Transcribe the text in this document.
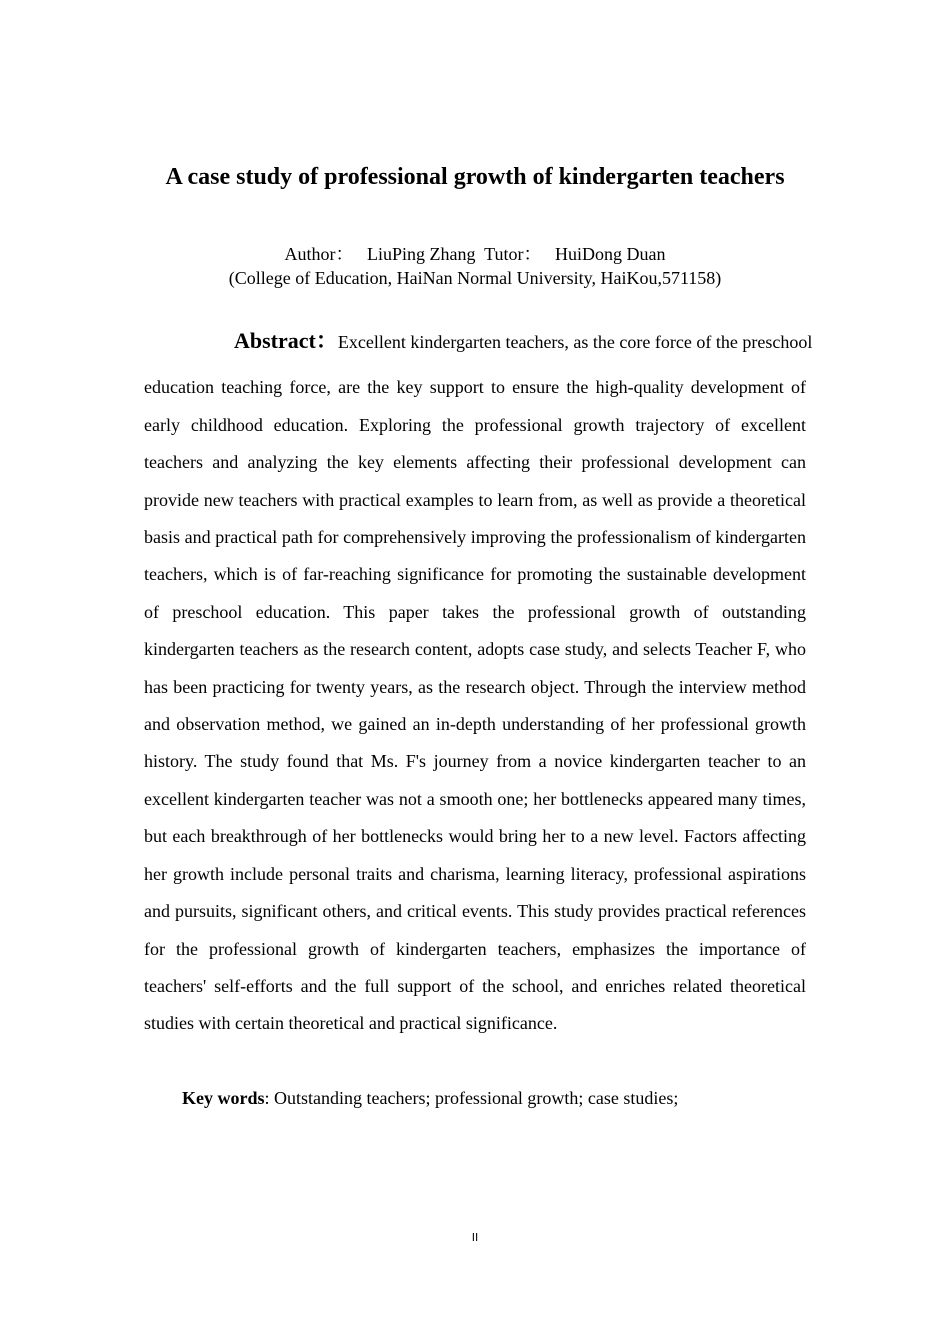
A case study of professional growth of kindergarten teachers
Author： LiuPing Zhang Tutor： HuiDong Duan
(College of Education, HaiNan Normal University, HaiKou,571158)

Abstract：Excellent kindergarten teachers, as the core force of the preschool education teaching force, are the key support to ensure the high-quality development of early childhood education. Exploring the professional growth trajectory of excellent teachers and analyzing the key elements affecting their professional development can provide new teachers with practical examples to learn from, as well as provide a theoretical basis and practical path for comprehensively improving the professionalism of kindergarten teachers, which is of far-reaching significance for promoting the sustainable development of preschool education. This paper takes the professional growth of outstanding kindergarten teachers as the research content, adopts case study, and selects Teacher F, who has been practicing for twenty years, as the research object. Through the interview method and observation method, we gained an in-depth understanding of her professional growth history. The study found that Ms. F's journey from a novice kindergarten teacher to an excellent kindergarten teacher was not a smooth one; her bottlenecks appeared many times, but each breakthrough of her bottlenecks would bring her to a new level. Factors affecting her growth include personal traits and charisma, learning literacy, professional aspirations and pursuits, significant others, and critical events. This study provides practical references for the professional growth of kindergarten teachers, emphasizes the importance of teachers' self-efforts and the full support of the school, and enriches related theoretical studies with certain theoretical and practical significance.

Key words: Outstanding teachers; professional growth; case studies;
II
